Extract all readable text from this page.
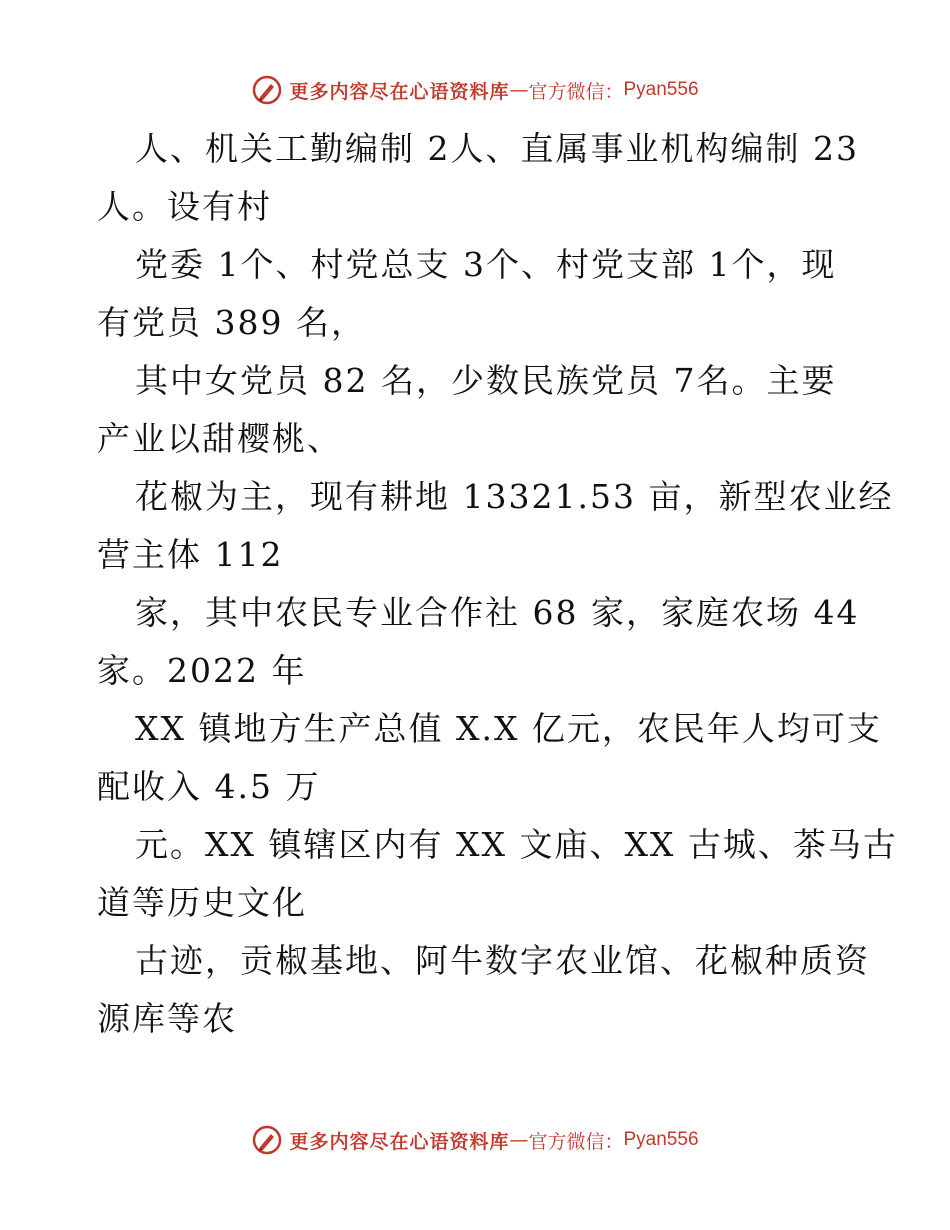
更多内容尽在心语资料库 — 官方微信： Pyan556
人、机关工勤编制 2人、直属事业机构编制 23
人。设有村
党委 1个、村党总支 3个、村党支部 1个，现
有党员 389 名，
其中女党员 82 名，少数民族党员 7名。主要
产业以甜樱桃、
花椒为主，现有耕地 13321.53 亩，新型农业经
营主体 112
家，其中农民专业合作社 68 家，家庭农场 44
家。2022 年
XX 镇地方生产总值 X.X 亿元，农民年人均可支
配收入 4.5 万
元。XX 镇辖区内有 XX 文庙、XX 古城、茶马古
道等历史文化
古迹，贡椒基地、阿牛数字农业馆、花椒种质资
源库等农
更多内容尽在心语资料库 — 官方微信： Pyan556
